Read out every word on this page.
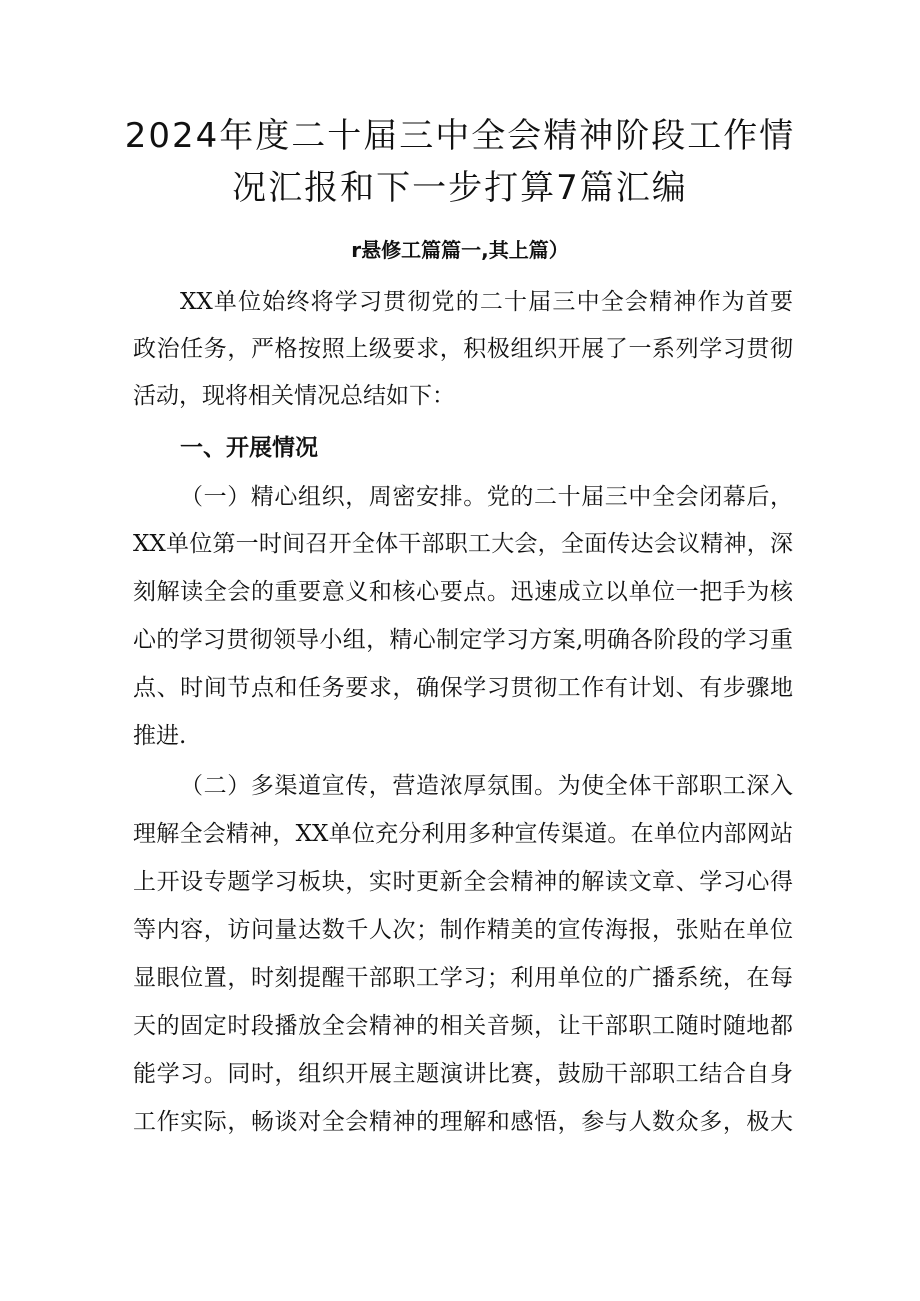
2024年度二十届三中全会精神阶段工作情
况汇报和下一步打算7篇汇编
r悬修工篇篇一,其上篇）
XX单位始终将学习贯彻党的二十届三中全会精神作为首要
政治任务，严格按照上级要求，积极组织开展了一系列学习贯彻
活动，现将相关情况总结如下：
一、开展情况
（一）精心组织，周密安排。党的二十届三中全会闭幕后，
XX单位第一时间召开全体干部职工大会，全面传达会议精神，深
刻解读全会的重要意义和核心要点。迅速成立以单位一把手为核
心的学习贯彻领导小组，精心制定学习方案,明确各阶段的学习重
点、时间节点和任务要求，确保学习贯彻工作有计划、有步骤地
推进.
（二）多渠道宣传，营造浓厚氛围。为使全体干部职工深入
理解全会精神，XX单位充分利用多种宣传渠道。在单位内部网站
上开设专题学习板块，实时更新全会精神的解读文章、学习心得
等内容，访问量达数千人次；制作精美的宣传海报，张贴在单位
显眼位置，时刻提醒干部职工学习；利用单位的广播系统，在每
天的固定时段播放全会精神的相关音频，让干部职工随时随地都
能学习。同时，组织开展主题演讲比赛，鼓励干部职工结合自身
工作实际，畅谈对全会精神的理解和感悟，参与人数众多，极大
